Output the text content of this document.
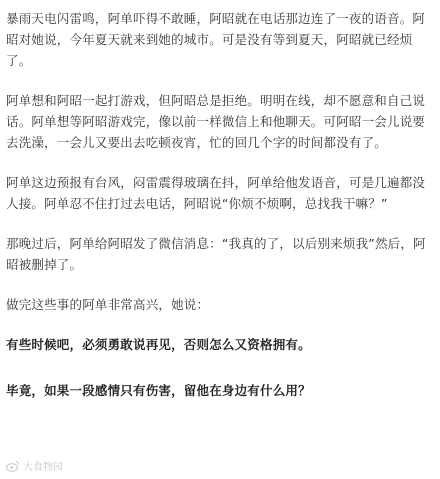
暴雨天电闪雷鸣，阿单吓得不敢睡，阿昭就在电话那边连了一夜的语音。阿昭对她说，今年夏天就来到她的城市。可是没有等到夏天，阿昭就已经烦了。

阿单想和阿昭一起打游戏，但阿昭总是拒绝。明明在线，却不愿意和自己说话。阿单想等阿昭游戏完，像以前一样微信上和他聊天。可阿昭一会儿说要去洗澡，一会儿又要出去吃顿夜宵，忙的回几个字的时间都没有了。

阿单这边预报有台风，闷雷震得玻璃在抖，阿单给他发语音，可是几遍都没人接。阿单忍不住打过去电话，阿昭说“你烦不烦啊，总找我干嘛？”

那晚过后，阿单给阿昭发了微信消息：“我真的了，以后别来烦我”然后，阿昭被删掉了。

做完这些事的阿单非常高兴，她说：

有些时候吧，必须勇敢说再见，否则怎么又资格拥有。

毕竟，如果一段感情只有伤害，留他在身边有什么用？

大食物园
